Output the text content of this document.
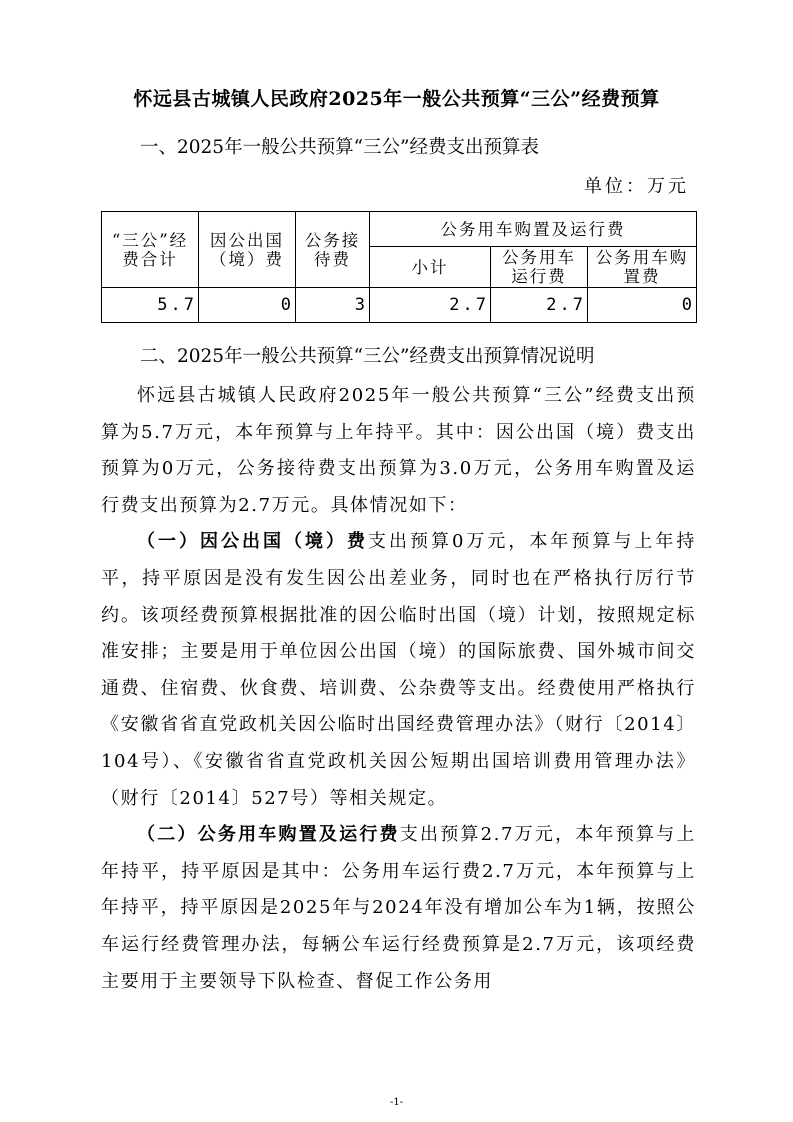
怀远县古城镇人民政府2025年一般公共预算“三公”经费预算
一、2025年一般公共预算“三公”经费支出预算表
单位：万元
“三公”经费合计	因公出国（境）费	公务接待费	公务用车购置及运行费		
			小计	公务用车运行费	公务用车购置费
5.7	0	3	2.7	2.7	0
二、2025年一般公共预算“三公”经费支出预算情况说明

怀远县古城镇人民政府2025年一般公共预算“三公”经费支出预算为5.7万元，本年预算与上年持平。其中：因公出国（境）费支出预算为0万元，公务接待费支出预算为3.0万元，公务用车购置及运行费支出预算为2.7万元。具体情况如下：

（一）因公出国（境）费支出预算0万元，本年预算与上年持平，持平原因是没有发生因公出差业务，同时也在严格执行厉行节约。该项经费预算根据批准的因公临时出国（境）计划，按照规定标准安排；主要是用于单位因公出国（境）的国际旅费、国外城市间交通费、住宿费、伙食费、培训费、公杂费等支出。经费使用严格执行《安徽省省直党政机关因公临时出国经费管理办法》（财行〔2014〕104号）、《安徽省省直党政机关因公短期出国培训费用管理办法》（财行〔2014〕527号）等相关规定。

（二）公务用车购置及运行费支出预算2.7万元，本年预算与上年持平，持平原因是其中：公务用车运行费2.7万元，本年预算与上年持平，持平原因是2025年与2024年没有增加公车为1辆，按照公车运行经费管理办法，每辆公车运行经费预算是2.7万元，该项经费主要用于主要领导下队检查、督促工作公务用

-1-
